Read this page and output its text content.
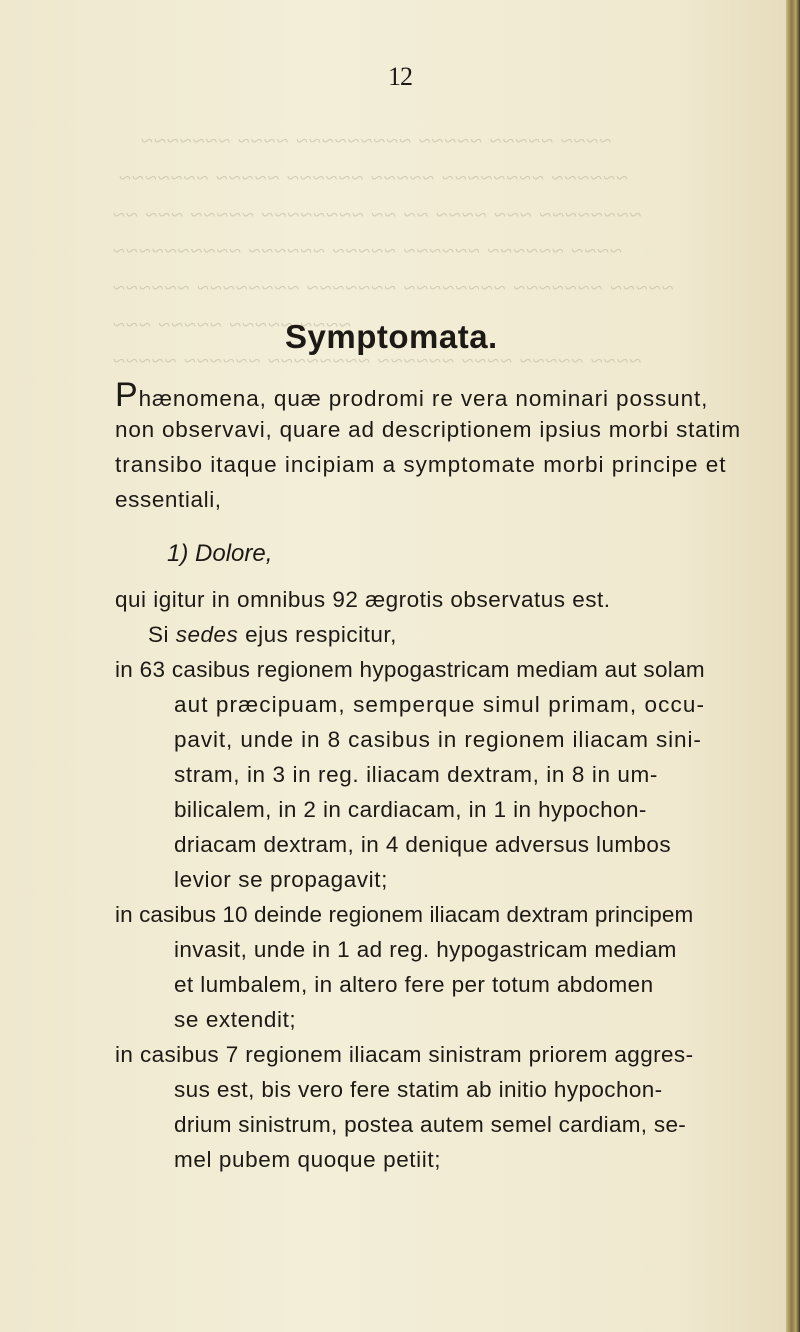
~~~~ ~~~~~ ~~~~~ ~~~~~~~~~ ~~~~ ~~~~~~~
~~~~~~ ~~~~~~~~ ~~~~~ ~~~~~~ ~~~~~ ~~~~~~~
~~~~~~~~ ~~~ ~~~~ ~~ ~~ ~~~~~~~~ ~~~~~ ~~~ ~~
~~~~ ~~~~~~ ~~~~~~ ~~~~~ ~~~~~~ ~~~~~~~~~~
~~~~~ ~~~~~~~ ~~~~~~~~ ~~~~~~~ ~~~~~~~~ ~~~~~~
~~~~ ~~~~~ ~~~~~ ~~~
~~~~ ~~~~~ ~~~~ ~~~~~~ ~~~~~~~~ ~~~~~~ ~~~~~
12
Symptomata.
Phænomena, quæ prodromi re vera nominari possunt,
non observavi, quare ad descriptionem ipsius morbi statim
transibo itaque incipiam a symptomate morbi principe et
essentiali,
1) Dolore,
qui igitur in omnibus 92 ægrotis observatus est.
Si sedes ejus respicitur,
in 63 casibus regionem hypogastricam mediam aut solam
aut præcipuam, semperque simul primam, occu-
pavit, unde in 8 casibus in regionem iliacam sini-
stram, in 3 in reg. iliacam dextram, in 8 in um-
bilicalem, in 2 in cardiacam, in 1 in hypochon-
driacam dextram, in 4 denique adversus lumbos
levior se propagavit;
in casibus 10 deinde regionem iliacam dextram principem
invasit, unde in 1 ad reg. hypogastricam mediam
et lumbalem, in altero fere per totum abdomen
se extendit;
in casibus 7 regionem iliacam sinistram priorem aggres-
sus est, bis vero fere statim ab initio hypochon-
drium sinistrum, postea autem semel cardiam, se-
mel pubem quoque petiit;
